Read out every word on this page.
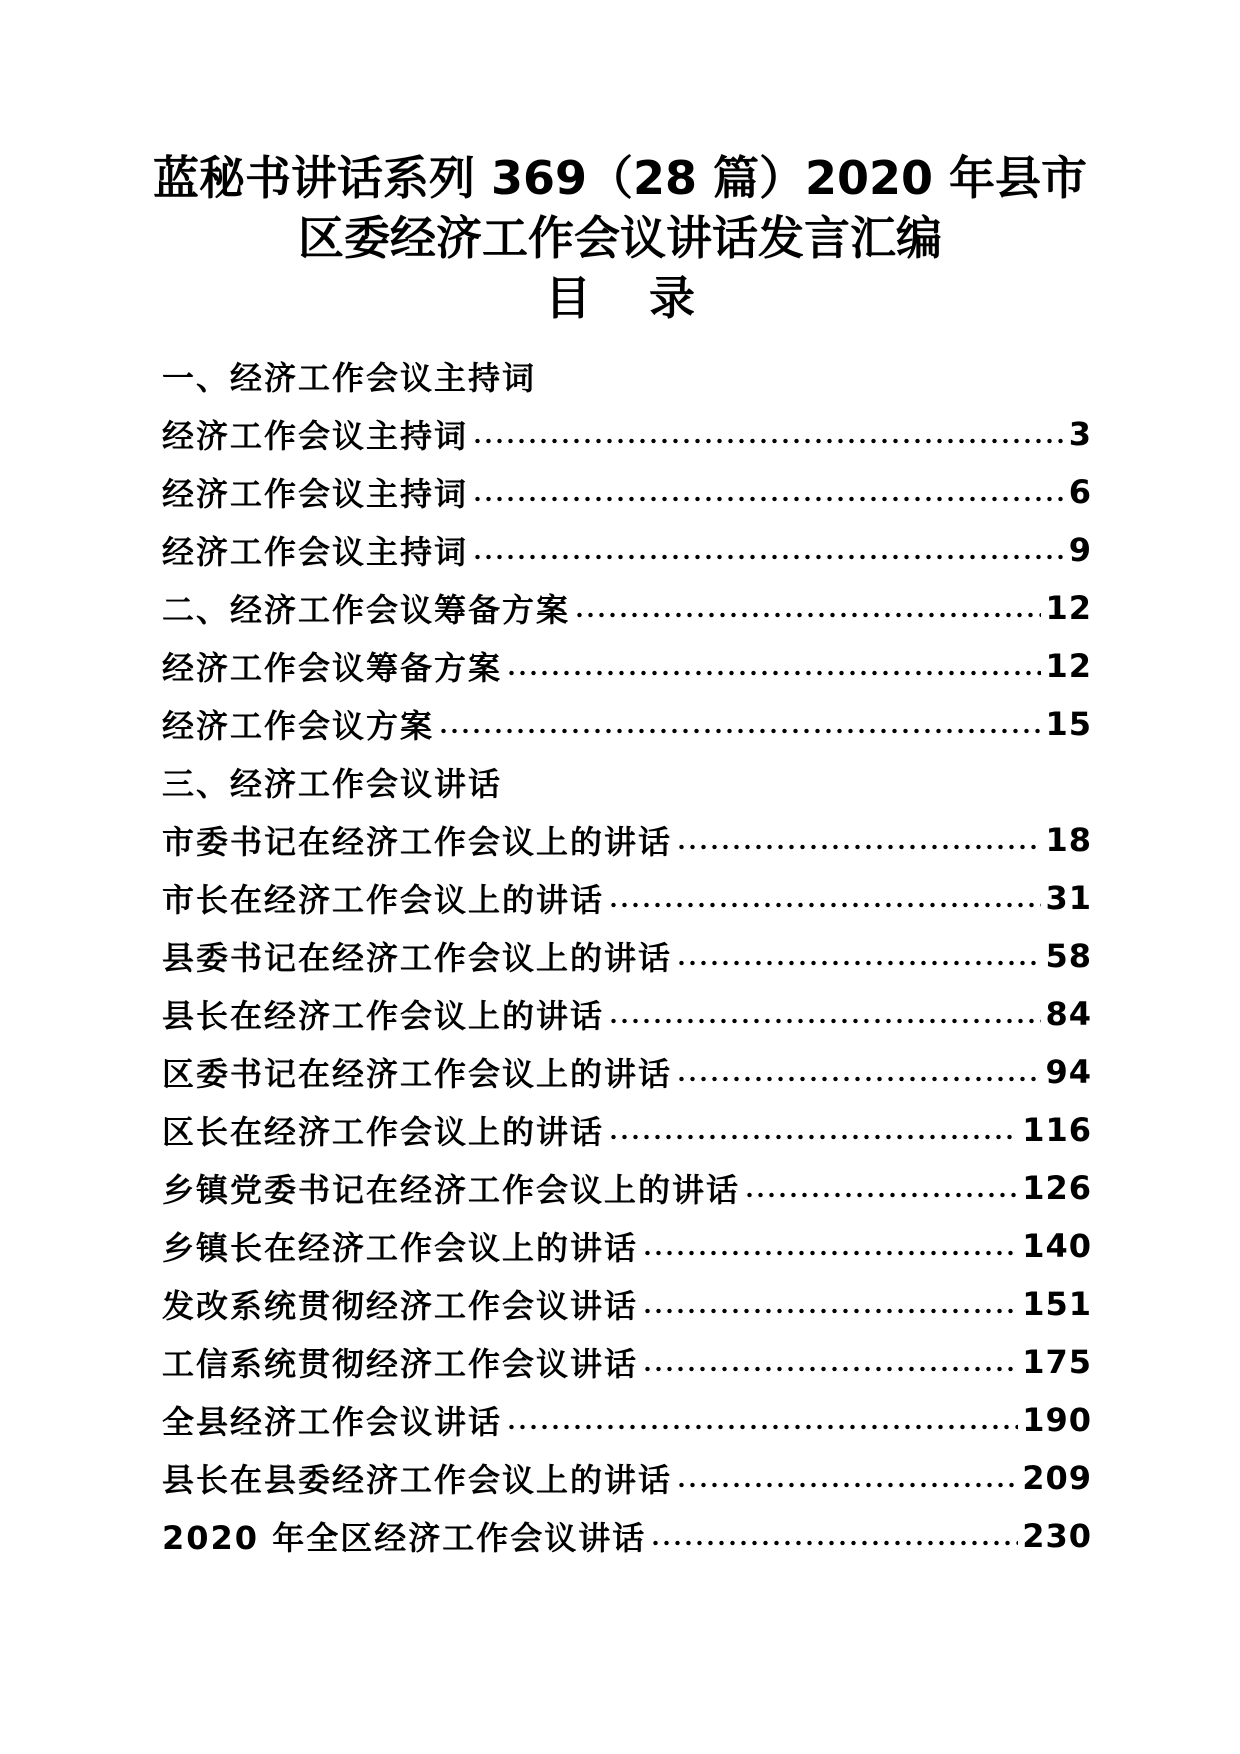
蓝秘书讲话系列 369（28 篇）2020 年县市
区委经济工作会议讲话发言汇编
目录
一、经济工作会议主持词
经济工作会议主持词	3
经济工作会议主持词	6
经济工作会议主持词	9
二、经济工作会议筹备方案	12
经济工作会议筹备方案	12
经济工作会议方案	15
三、经济工作会议讲话
市委书记在经济工作会议上的讲话	18
市长在经济工作会议上的讲话	31
县委书记在经济工作会议上的讲话	58
县长在经济工作会议上的讲话	84
区委书记在经济工作会议上的讲话	94
区长在经济工作会议上的讲话	116
乡镇党委书记在经济工作会议上的讲话	126
乡镇长在经济工作会议上的讲话	140
发改系统贯彻经济工作会议讲话	151
工信系统贯彻经济工作会议讲话	175
全县经济工作会议讲话	190
县长在县委经济工作会议上的讲话	209
2020 年全区经济工作会议讲话	230
